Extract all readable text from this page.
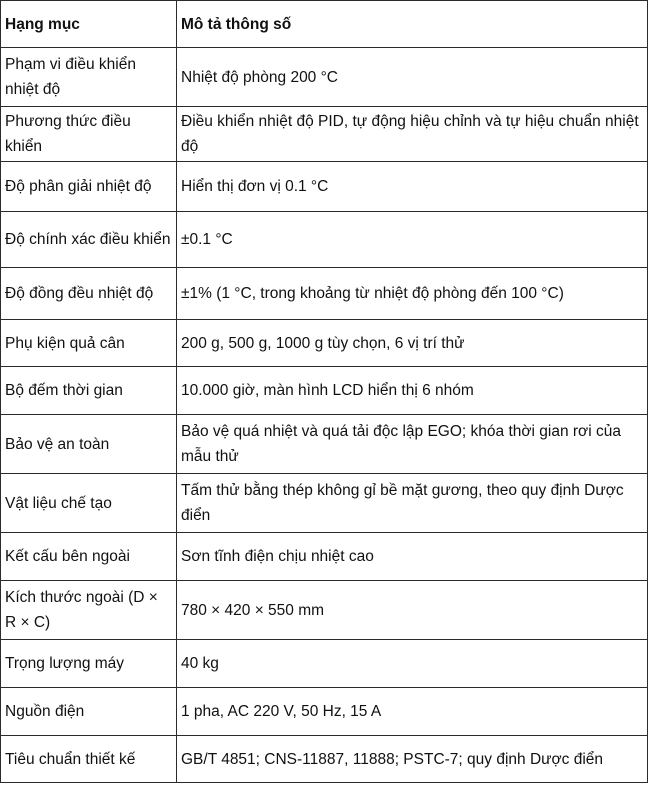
Hạng mục	Mô tả thông số
Phạm vi điều khiển nhiệt độ	Nhiệt độ phòng 200 °C
Phương thức điều khiển	Điều khiển nhiệt độ PID, tự động hiệu chỉnh và tự hiệu chuẩn nhiệt độ
Độ phân giải nhiệt độ	Hiển thị đơn vị 0.1 °C
Độ chính xác điều khiển	±0.1 °C
Độ đồng đều nhiệt độ	±1% (1 °C, trong khoảng từ nhiệt độ phòng đến 100 °C)
Phụ kiện quả cân	200 g, 500 g, 1000 g tùy chọn, 6 vị trí thử
Bộ đếm thời gian	10.000 giờ, màn hình LCD hiển thị 6 nhóm
Bảo vệ an toàn	Bảo vệ quá nhiệt và quá tải độc lập EGO; khóa thời gian rơi của mẫu thử
Vật liệu chế tạo	Tấm thử bằng thép không gỉ bề mặt gương, theo quy định Dược điển
Kết cấu bên ngoài	Sơn tĩnh điện chịu nhiệt cao
Kích thước ngoài (D × R × C)	780 × 420 × 550 mm
Trọng lượng máy	40 kg
Nguồn điện	1 pha, AC 220 V, 50 Hz, 15 A
Tiêu chuẩn thiết kế	GB/T 4851; CNS-11887, 11888; PSTC-7; quy định Dược điển
